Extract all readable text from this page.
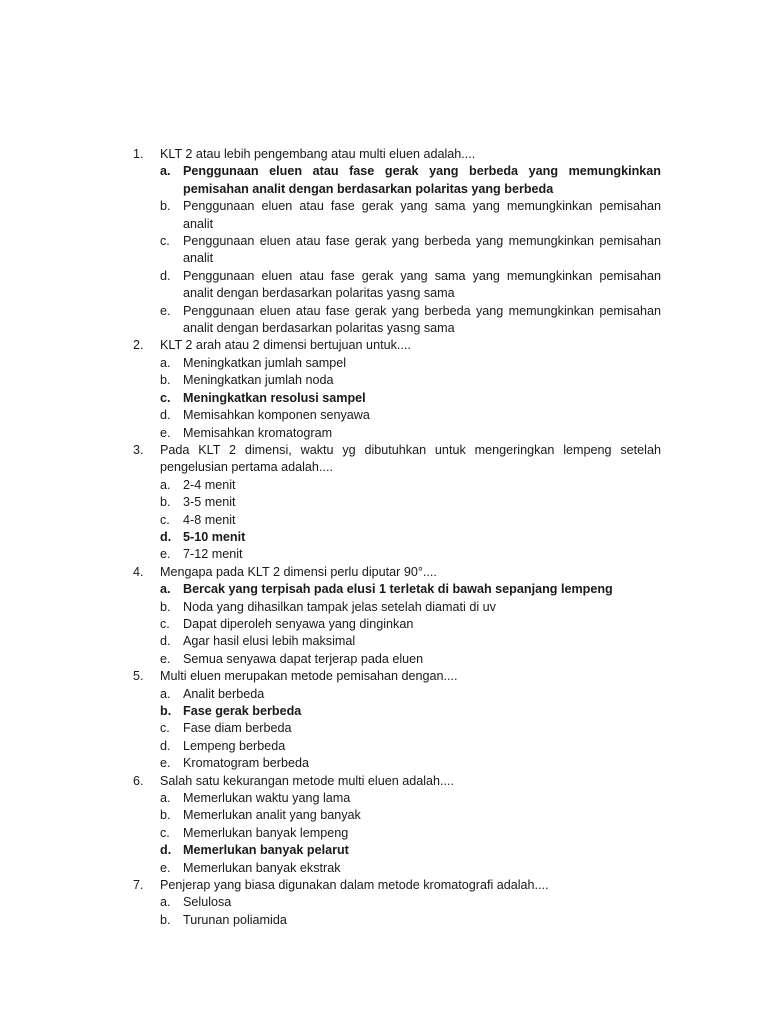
1.	KLT 2 atau lebih pengembang atau multi eluen adalah....
a. Penggunaan eluen atau fase gerak yang berbeda yang memungkinkan pemisahan analit dengan berdasarkan polaritas yang berbeda
b. Penggunaan eluen atau fase gerak yang sama yang memungkinkan pemisahan analit
c.	Penggunaan eluen atau fase gerak yang berbeda yang memungkinkan pemisahan analit
d. Penggunaan eluen atau fase gerak yang sama yang memungkinkan pemisahan analit dengan berdasarkan polaritas yasng sama
e. Penggunaan eluen atau fase gerak yang berbeda yang memungkinkan pemisahan analit dengan berdasarkan polaritas yasng sama
2.	KLT 2 arah atau 2 dimensi bertujuan untuk....
a. Meningkatkan jumlah sampel
b. Meningkatkan jumlah noda
c. Meningkatkan resolusi sampel
d. Memisahkan komponen senyawa
e. Memisahkan kromatogram
3.	Pada KLT 2 dimensi, waktu yg dibutuhkan untuk mengeringkan lempeng setelah pengelusian pertama adalah....
a. 2-4 menit
b. 3-5 menit
c.	4-8 menit
d. 5-10 menit
e. 7-12 menit
4.	Mengapa pada KLT 2 dimensi perlu diputar 90°....
a. Bercak yang terpisah pada elusi 1 terletak di bawah sepanjang lempeng
b. Noda yang dihasilkan tampak jelas setelah diamati di uv
c.	Dapat diperoleh senyawa yang dinginkan
d. Agar hasil elusi lebih maksimal
e. Semua senyawa dapat terjerap pada eluen
5.	Multi eluen merupakan metode pemisahan dengan....
a. Analit berbeda
b. Fase gerak berbeda
c.	Fase diam berbeda
d. Lempeng berbeda
e. Kromatogram berbeda
6.	Salah satu kekurangan metode multi eluen adalah....
a. Memerlukan waktu yang lama
b. Memerlukan analit yang banyak
c.	Memerlukan banyak lempeng
d. Memerlukan banyak pelarut
e. Memerlukan banyak ekstrak
7.	Penjerap yang biasa digunakan dalam metode kromatografi adalah....
a. Selulosa
b. Turunan poliamida
